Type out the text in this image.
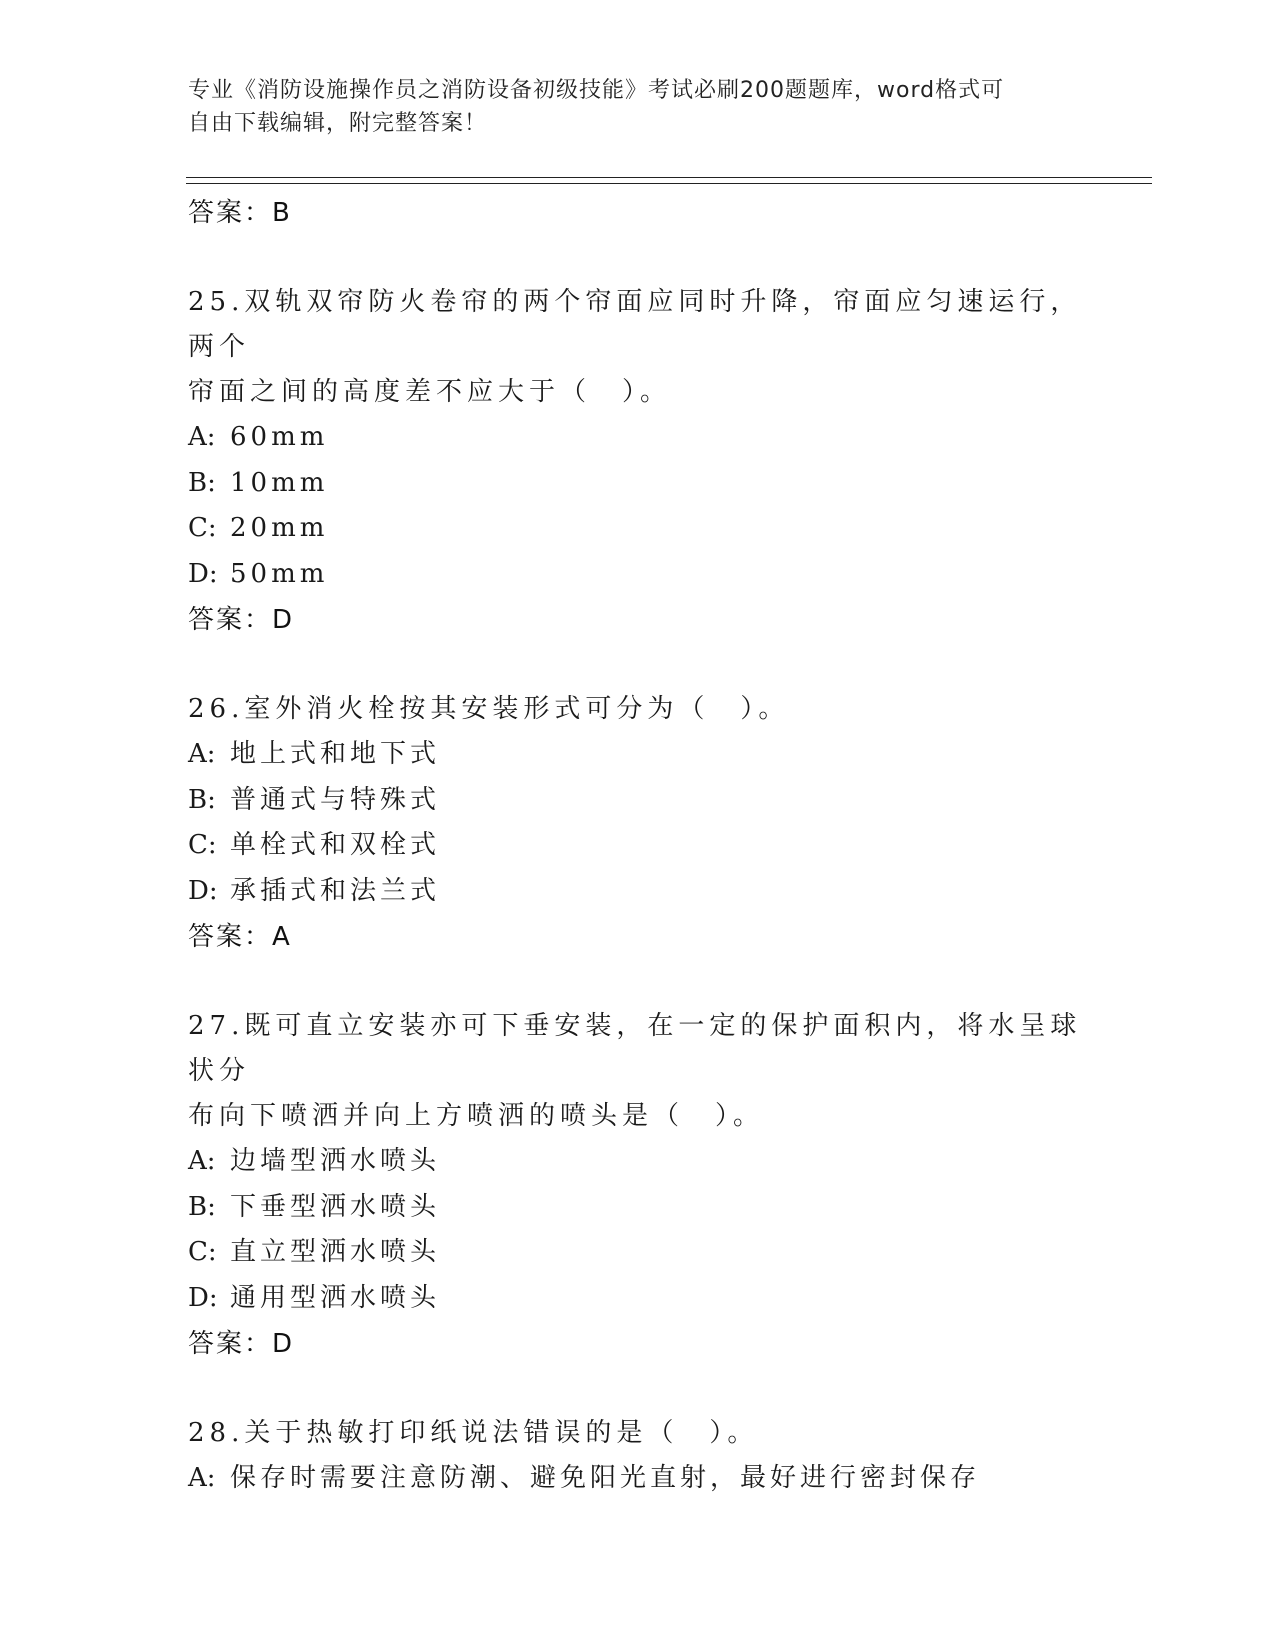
专业《消防设施操作员之消防设备初级技能》考试必刷200题题库，word格式可
自由下载编辑，附完整答案！
答案：B
25.双轨双帘防火卷帘的两个帘面应同时升降，帘面应匀速运行，两个
帘面之间的高度差不应大于（　）。
A: 60mm
B: 10mm
C: 20mm
D: 50mm
答案：D
26.室外消火栓按其安装形式可分为（　）。
A: 地上式和地下式
B: 普通式与特殊式
C: 单栓式和双栓式
D: 承插式和法兰式
答案：A
27.既可直立安装亦可下垂安装，在一定的保护面积内，将水呈球状分
布向下喷洒并向上方喷洒的喷头是（　）。
A: 边墙型洒水喷头
B: 下垂型洒水喷头
C: 直立型洒水喷头
D: 通用型洒水喷头
答案：D
28.关于热敏打印纸说法错误的是（　）。
A: 保存时需要注意防潮、避免阳光直射，最好进行密封保存
